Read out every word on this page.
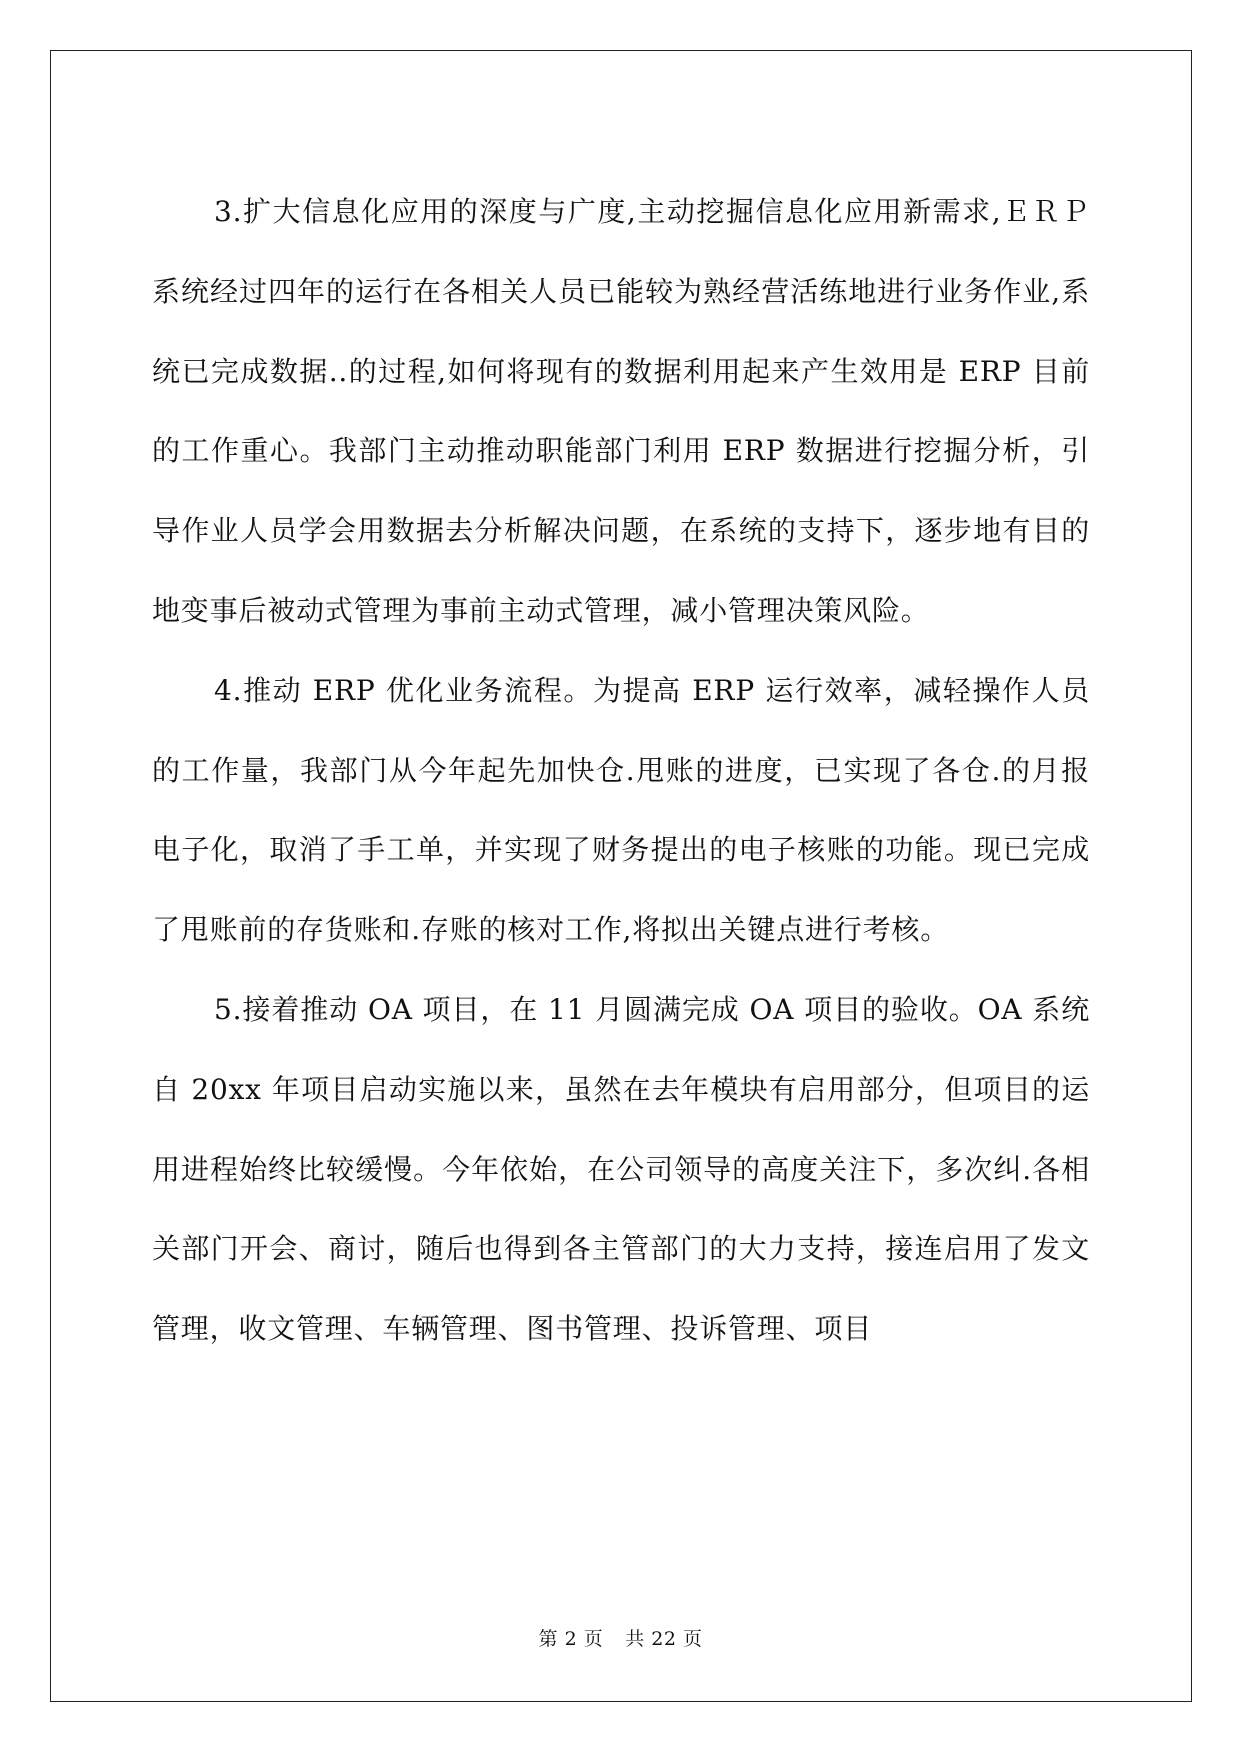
3.扩大信息化应用的深度与广度,主动挖掘信息化应用新需求,ＥＲＰ系统经过四年的运行在各相关人员已能较为熟经营活练地进行业务作业,系统已完成数据..的过程,如何将现有的数据利用起来产生效用是 ERP 目前的工作重心。我部门主动推动职能部门利用 ERP 数据进行挖掘分析，引导作业人员学会用数据去分析解决问题，在系统的支持下，逐步地有目的地变事后被动式管理为事前主动式管理，减小管理决策风险。

4.推动 ERP 优化业务流程。为提高 ERP 运行效率，减轻操作人员的工作量，我部门从今年起先加快仓.甩账的进度，已实现了各仓.的月报电子化，取消了手工单，并实现了财务提出的电子核账的功能。现已完成了甩账前的存货账和.存账的核对工作,将拟出关键点进行考核。

5.接着推动 OA 项目，在 11 月圆满完成 OA 项目的验收。OA 系统自 20xx 年项目启动实施以来，虽然在去年模块有启用部分，但项目的运用进程始终比较缓慢。今年依始，在公司领导的高度关注下，多次纠.各相关部门开会、商讨，随后也得到各主管部门的大力支持，接连启用了发文管理，收文管理、车辆管理、图书管理、投诉管理、项目

第 2 页 共 22 页
